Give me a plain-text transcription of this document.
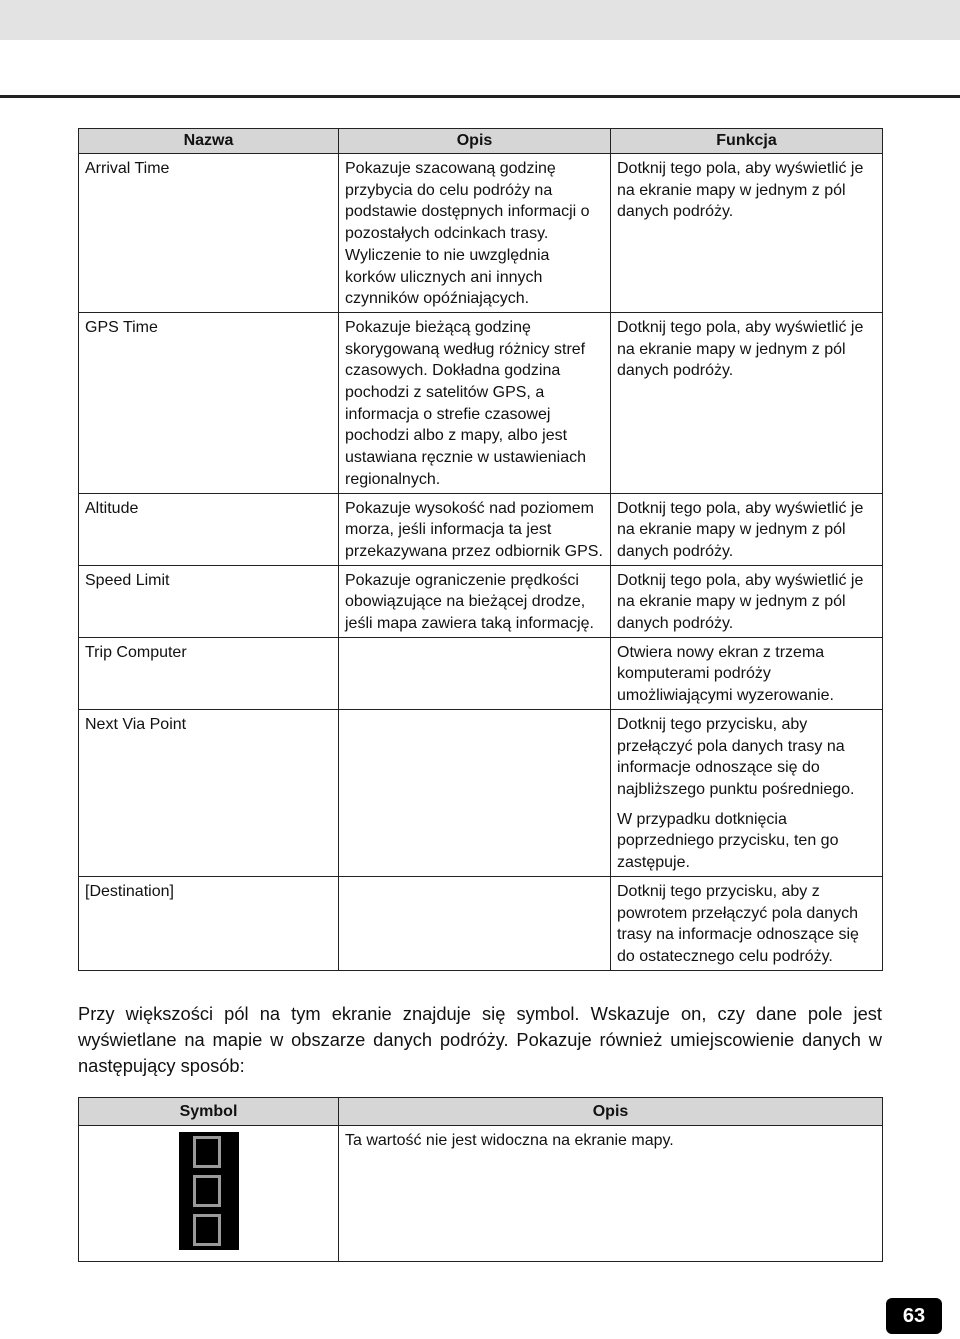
Nazwa	Opis	Funkcja
Arrival Time	Pokazuje szacowaną godzinę przybycia do celu podróży na podstawie dostępnych informacji o pozostałych odcinkach trasy. Wyliczenie to nie uwzględnia korków ulicznych ani innych czynników opóźniających.	Dotknij tego pola, aby wyświetlić je na ekranie mapy w jednym z pól danych podróży.
GPS Time	Pokazuje bieżącą godzinę skorygowaną według różnicy stref czasowych. Dokładna godzina pochodzi z satelitów GPS, a informacja o strefie czasowej pochodzi albo z mapy, albo jest ustawiana ręcznie w ustawieniach regionalnych.	Dotknij tego pola, aby wyświetlić je na ekranie mapy w jednym z pól danych podróży.
Altitude	Pokazuje wysokość nad poziomem morza, jeśli informacja ta jest przekazywana przez odbiornik GPS.	Dotknij tego pola, aby wyświetlić je na ekranie mapy w jednym z pól danych podróży.
Speed Limit	Pokazuje ograniczenie prędkości obowiązujące na bieżącej drodze, jeśli mapa zawiera taką informację.	Dotknij tego pola, aby wyświetlić je na ekranie mapy w jednym z pól danych podróży.
Trip Computer		Otwiera nowy ekran z trzema komputerami podróży umożliwiającymi wyzerowanie.
Next Via Point		Dotknij tego przycisku, aby przełączyć pola danych trasy na informacje odnoszące się do najbliższego punktu pośredniego.
W przypadku dotknięcia poprzedniego przycisku, ten go zastępuje.

[Destination]		Dotknij tego przycisku, aby z powrotem przełączyć pola danych trasy na informacje odnoszące się do ostatecznego celu podróży.

Przy większości pól na tym ekranie znajduje się symbol. Wskazuje on, czy dane pole jest wyświetlane na mapie w obszarze danych podróży. Pokazuje również umiejscowienie danych w następujący sposób:

Symbol	Opis

	Ta wartość nie jest widoczna na ekranie mapy.
63
